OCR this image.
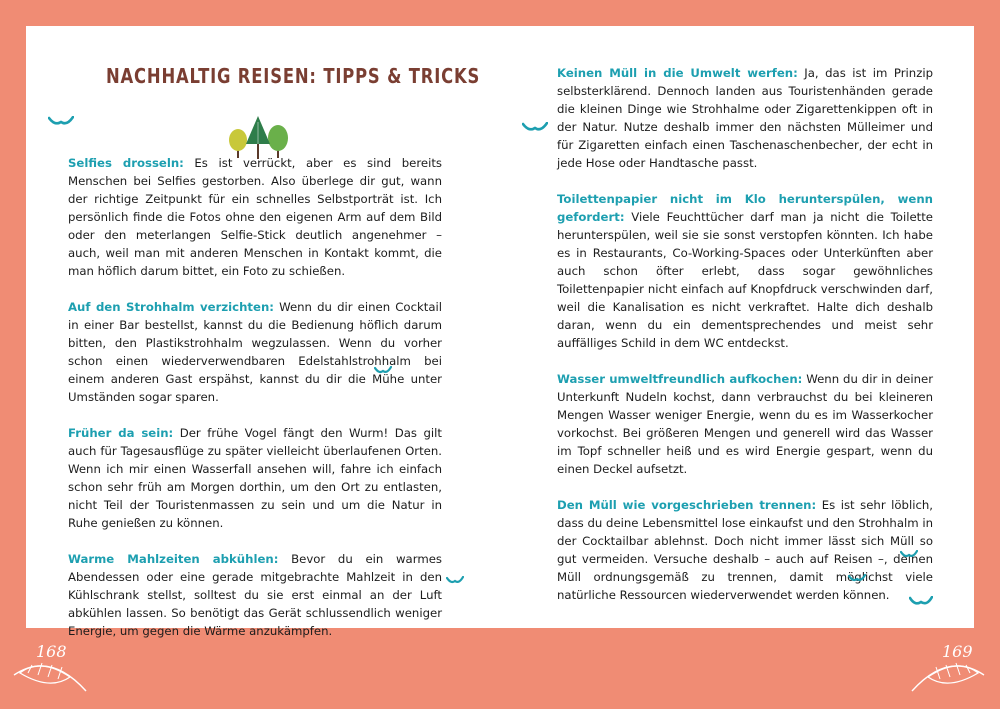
NACHHALTIG REISEN: TIPPS & TRICKS

Selfies drosseln: Es ist verrückt, aber es sind bereits Menschen bei Selfies gestorben. Also überlege dir gut, wann der richtige Zeitpunkt für ein schnelles Selbstporträt ist. Ich persönlich finde die Fotos ohne den eigenen Arm auf dem Bild oder den meterlangen Selfie-Stick deutlich angenehmer – auch, weil man mit anderen Menschen in Kontakt kommt, die man höflich darum bittet, ein Foto zu schießen.

Auf den Strohhalm verzichten: Wenn du dir einen Cocktail in einer Bar bestellst, kannst du die Bedienung höflich darum bitten, den Plastikstrohhalm wegzulassen. Wenn du vorher schon einen wiederverwendbaren Edelstahlstrohhalm bei einem anderen Gast erspähst, kannst du dir die Mühe unter Umständen sogar sparen.

Früher da sein: Der frühe Vogel fängt den Wurm! Das gilt auch für Tagesausflüge zu später vielleicht überlaufenen Orten. Wenn ich mir einen Wasserfall ansehen will, fahre ich einfach schon sehr früh am Morgen dorthin, um den Ort zu entlasten, nicht Teil der Touristenmassen zu sein und um die Natur in Ruhe genießen zu können.

Warme Mahlzeiten abkühlen: Bevor du ein warmes Abendessen oder eine gerade mitgebrachte Mahlzeit in den Kühlschrank stellst, solltest du sie erst einmal an der Luft abkühlen lassen. So benötigt das Gerät schlussendlich weniger Energie, um gegen die Wärme anzukämpfen.

Keinen Müll in die Umwelt werfen: Ja, das ist im Prinzip selbsterklärend. Dennoch landen aus Touristenhänden gerade die kleinen Dinge wie Strohhalme oder Zigarettenkippen oft in der Natur. Nutze deshalb immer den nächsten Mülleimer und für Zigaretten einfach einen Taschenaschenbecher, der echt in jede Hose oder Handtasche passt.

Toilettenpapier nicht im Klo herunterspülen, wenn gefordert: Viele Feuchttücher darf man ja nicht die Toilette herunterspülen, weil sie sie sonst verstopfen könnten. Ich habe es in Restaurants, Co-Working-Spaces oder Unterkünften aber auch schon öfter erlebt, dass sogar gewöhnliches Toilettenpapier nicht einfach auf Knopfdruck verschwinden darf, weil die Kanalisation es nicht verkraftet. Halte dich deshalb daran, wenn du ein dementsprechendes und meist sehr auffälliges Schild in dem WC entdeckst.

Wasser umweltfreundlich aufkochen: Wenn du dir in deiner Unterkunft Nudeln kochst, dann verbrauchst du bei kleineren Mengen Wasser weniger Energie, wenn du es im Wasserkocher vorkochst. Bei größeren Mengen und generell wird das Wasser im Topf schneller heiß und es wird Energie gespart, wenn du einen Deckel aufsetzt.

Den Müll wie vorgeschrieben trennen: Es ist sehr löblich, dass du deine Lebensmittel lose einkaufst und den Strohhalm in der Cocktailbar ablehnst. Doch nicht immer lässt sich Müll so gut vermeiden. Versuche deshalb – auch auf Reisen –, deinen Müll ordnungsgemäß zu trennen, damit möglichst viele natürliche Ressourcen wiederverwendet werden können.

168	169
